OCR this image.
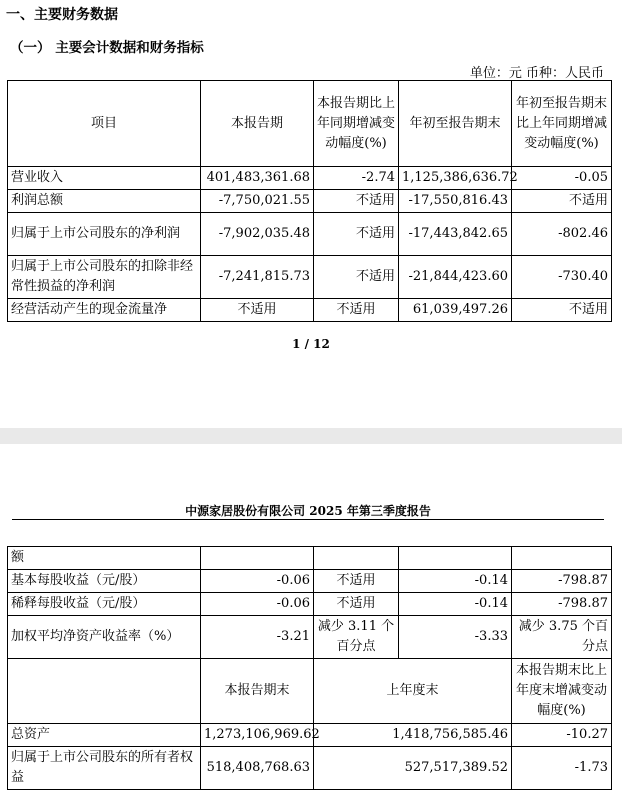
一、主要财务数据
（一） 主要会计数据和财务指标
单位：元 币种：人民币
项目	本报告期	本报告期比上年同期增减变动幅度(%)	年初至报告期末	年初至报告期末比上年同期增减变动幅度(%)
营业收入	401,483,361.68	-2.74	1,125,386,636.72	-0.05
利润总额	-7,750,021.55	不适用	-17,550,816.43	不适用
归属于上市公司股东的净利润	-7,902,035.48	不适用	-17,443,842.65	-802.46
归属于上市公司股东的扣除非经常性损益的净利润	-7,241,815.73	不适用	-21,844,423.60	-730.40
经营活动产生的现金流量净	不适用	不适用	61,039,497.26	不适用
1 / 12
中源家居股份有限公司 2025 年第三季度报告
额				
基本每股收益（元/股）	-0.06	不适用	-0.14	-798.87
稀释每股收益（元/股）	-0.06	不适用	-0.14	-798.87
加权平均净资产收益率（%）	-3.21	减少 3.11 个百分点	-3.33	减少 3.75 个百分点
	本报告期末	上年度末		本报告期末比上年度末增减变动幅度(%)
总资产	1,273,106,969.62	1,418,756,585.46		-10.27
归属于上市公司股东的所有者权益	518,408,768.63	527,517,389.52		-1.73
